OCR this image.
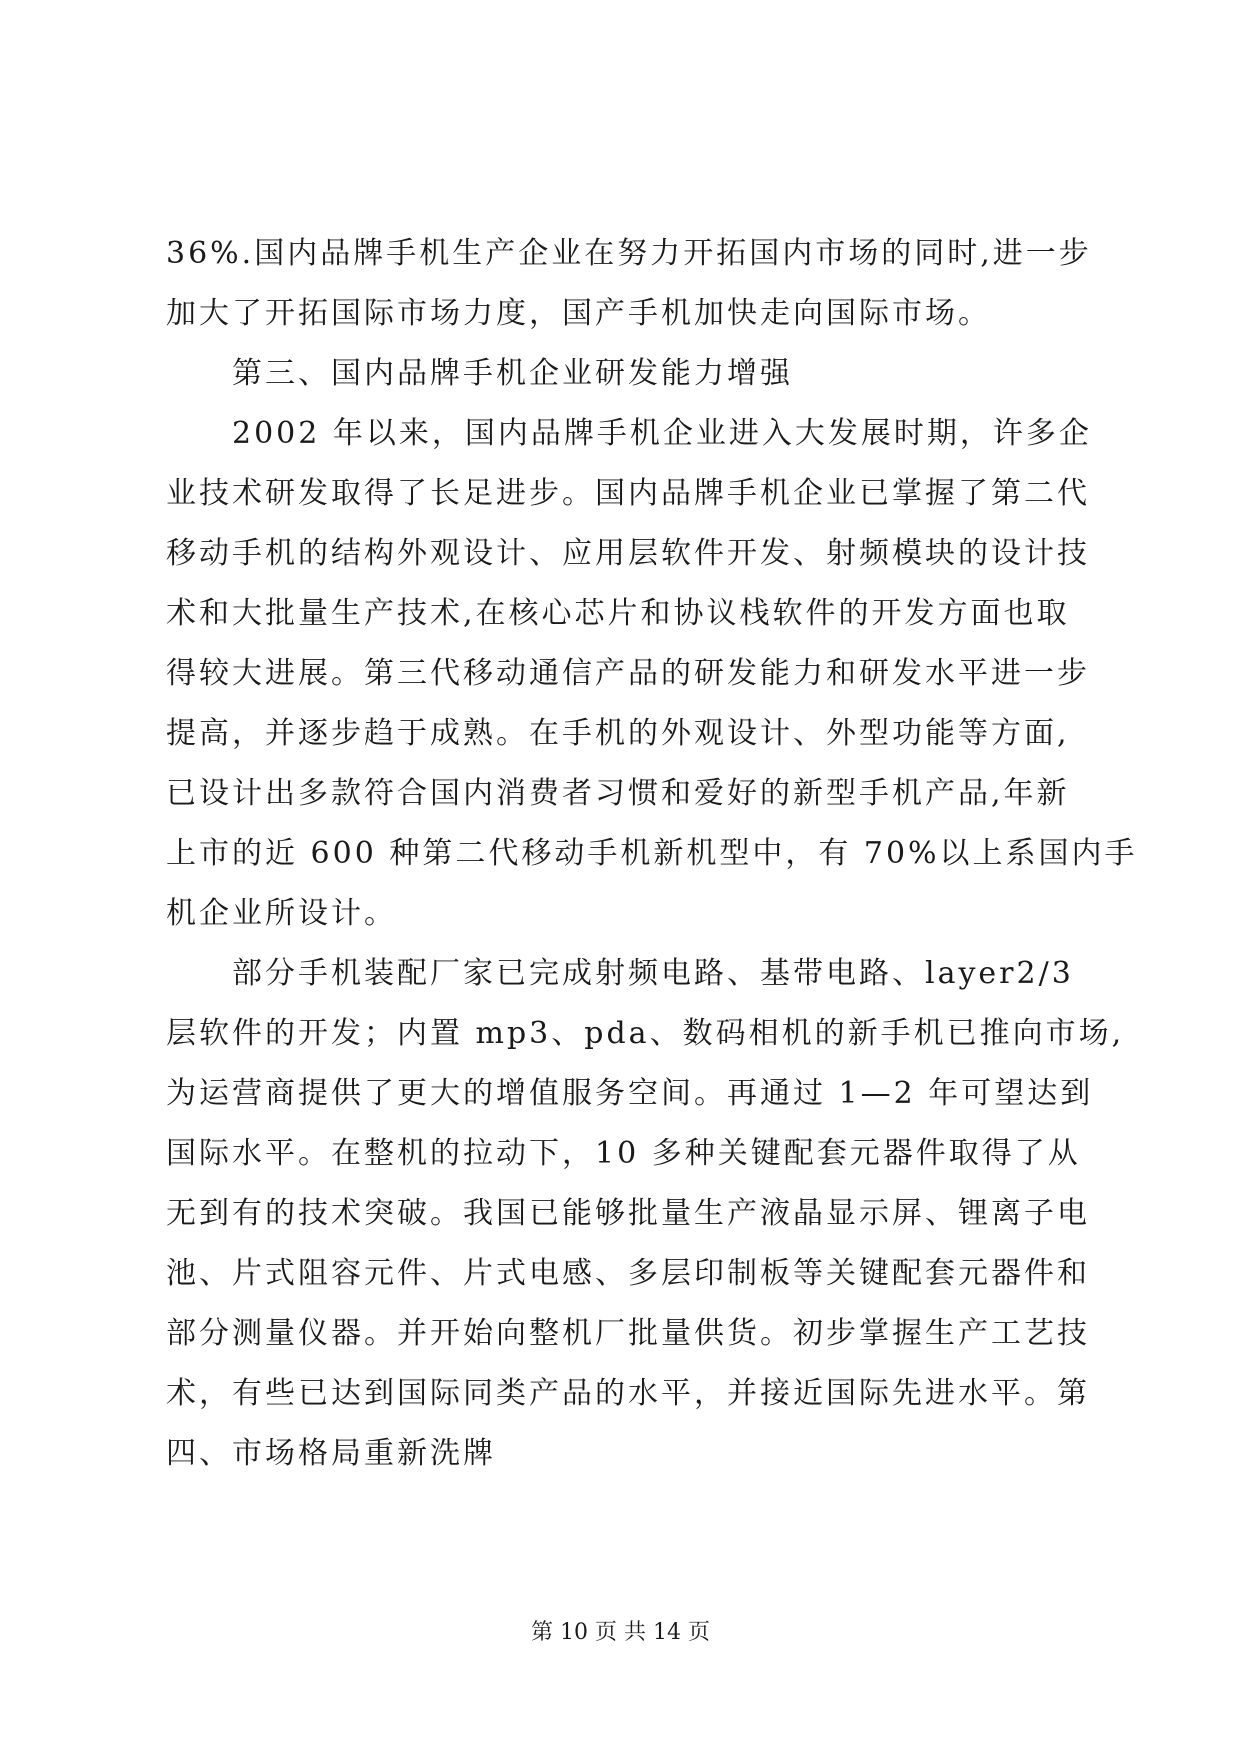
36%.国内品牌手机生产企业在努力开拓国内市场的同时,进一步
加大了开拓国际市场力度，国产手机加快走向国际市场。
第三、国内品牌手机企业研发能力增强
2002 年以来，国内品牌手机企业进入大发展时期，许多企
业技术研发取得了长足进步。国内品牌手机企业已掌握了第二代
移动手机的结构外观设计、应用层软件开发、射频模块的设计技
术和大批量生产技术,在核心芯片和协议栈软件的开发方面也取
得较大进展。第三代移动通信产品的研发能力和研发水平进一步
提高，并逐步趋于成熟。在手机的外观设计、外型功能等方面,
已设计出多款符合国内消费者习惯和爱好的新型手机产品,年新
上市的近 600 种第二代移动手机新机型中，有 70%以上系国内手
机企业所设计。
部分手机装配厂家已完成射频电路、基带电路、layer2/3
层软件的开发；内置 mp3、pda、数码相机的新手机已推向市场,
为运营商提供了更大的增值服务空间。再通过 1—2 年可望达到
国际水平。在整机的拉动下，10 多种关键配套元器件取得了从
无到有的技术突破。我国已能够批量生产液晶显示屏、锂离子电
池、片式阻容元件、片式电感、多层印制板等关键配套元器件和
部分测量仪器。并开始向整机厂批量供货。初步掌握生产工艺技
术，有些已达到国际同类产品的水平，并接近国际先进水平。第
四、市场格局重新洗牌
第 10 页 共 14 页
